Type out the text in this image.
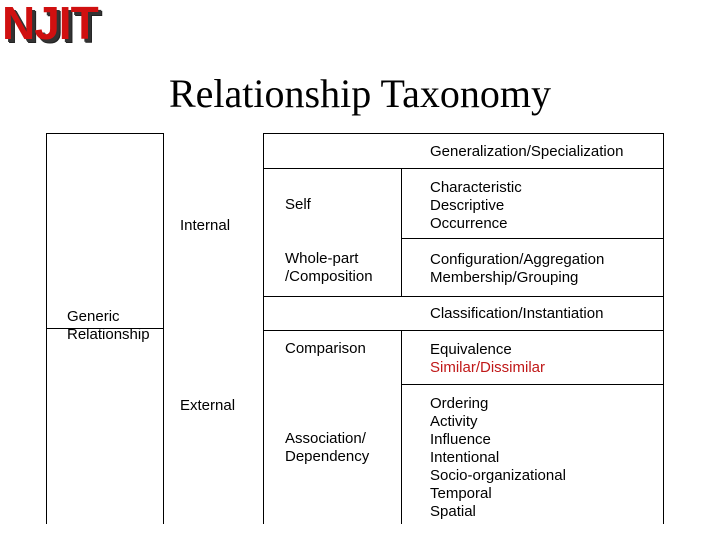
NJIT
Relationship Taxonomy
Generic
Relationship
Internal
External
Generalization/Specialization
Self
Characteristic
Descriptive
Occurrence
Whole-part
/Composition
Configuration/Aggregation
Membership/Grouping
Classification/Instantiation
Comparison	Equivalence
Similar/Dissimilar
Association/
Dependency
Ordering
Activity
Influence
Intentional
Socio-organizational
Temporal
Spatial
